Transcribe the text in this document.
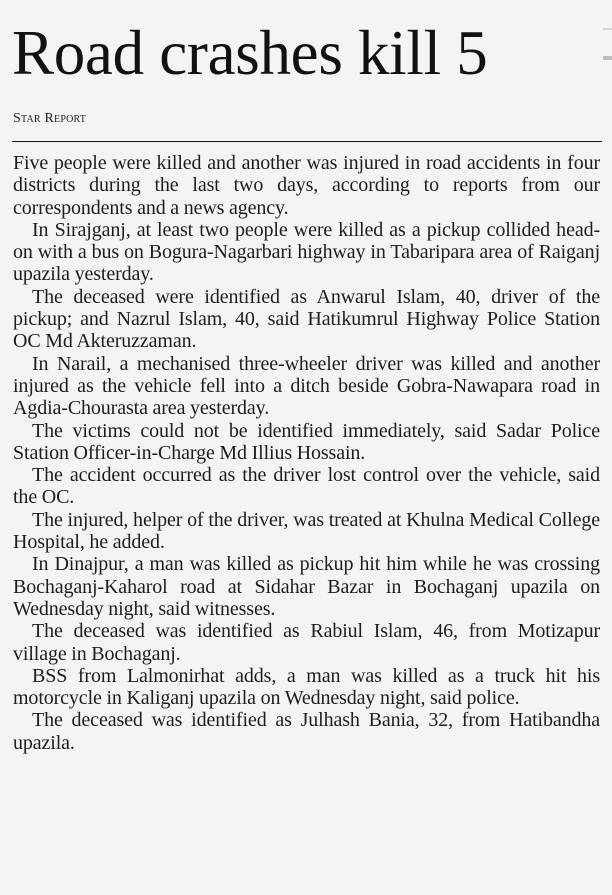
Road crashes kill 5
Star Report

Five people were killed and another was injured in road accidents in four districts during the last two days, according to reports from our correspondents and a news agency.

In Sirajganj, at least two people were killed as a pickup collided head-on with a bus on Bogura-Nagarbari highway in Tabaripara area of Raiganj upazila yesterday.

The deceased were identified as Anwarul Islam, 40, driver of the pickup; and Nazrul Islam, 40, said Hatikumrul Highway Police Station OC Md Akteruzzaman.

In Narail, a mechanised three-wheeler driver was killed and another injured as the vehicle fell into a ditch beside Gobra-Nawapara road in Agdia-Chourasta area yesterday.

The victims could not be identified immediately, said Sadar Police Station Officer-in-Charge Md Illius Hossain.

The accident occurred as the driver lost control over the vehicle, said the OC.

The injured, helper of the driver, was treated at Khulna Medical College Hospital, he added.

In Dinajpur, a man was killed as pickup hit him while he was crossing Bochaganj-Kaharol road at Sidahar Bazar in Bochaganj upazila on Wednesday night, said witnesses.

The deceased was identified as Rabiul Islam, 46, from Motizapur village in Bochaganj.

BSS from Lalmonirhat adds, a man was killed as a truck hit his motorcycle in Kaliganj upazila on Wednesday night, said police.

The deceased was identified as Julhash Bania, 32, from Hatibandha upazila.
